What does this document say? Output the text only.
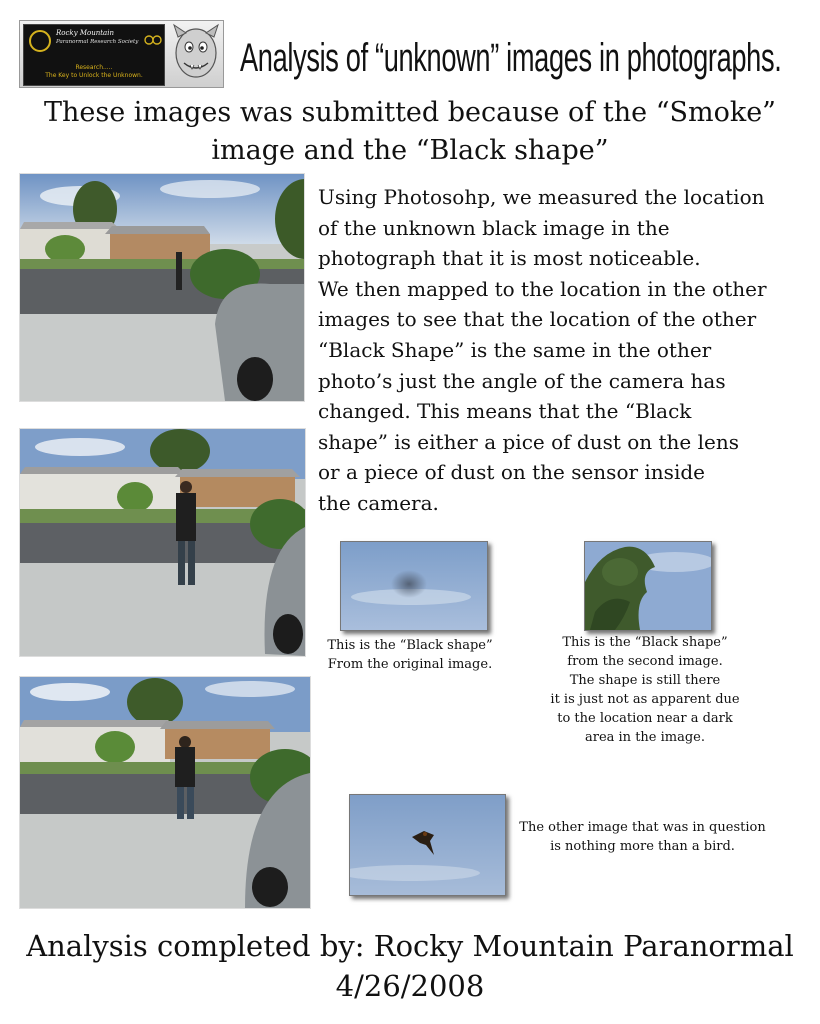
Rocky Mountain
Paranormal Research Society
Research.....
The Key to Unlock the Unknown.	Analysis of “unknown” images in photographs.
These images was submitted because of the “Smoke”
image and the “Black shape”
Using Photosohp, we measured the location
of the unknown black image in the
photograph that it is most noticeable.
We then mapped to the location in the other
images to see that the location of the other
“Black Shape” is the same in the other
photo’s just the angle of the camera has
changed. This means that the “Black
shape” is either a pice of dust on the lens
or a piece of dust on the sensor inside
the camera.
This is the “Black shape”
From the original image.
This is the “Black shape”
from the second image.
The shape is still there
it is just not as apparent due
to the location near a dark
area in the image.
The other image that was in question
is nothing more than a bird.
Analysis completed by: Rocky Mountain Paranormal
4/26/2008
